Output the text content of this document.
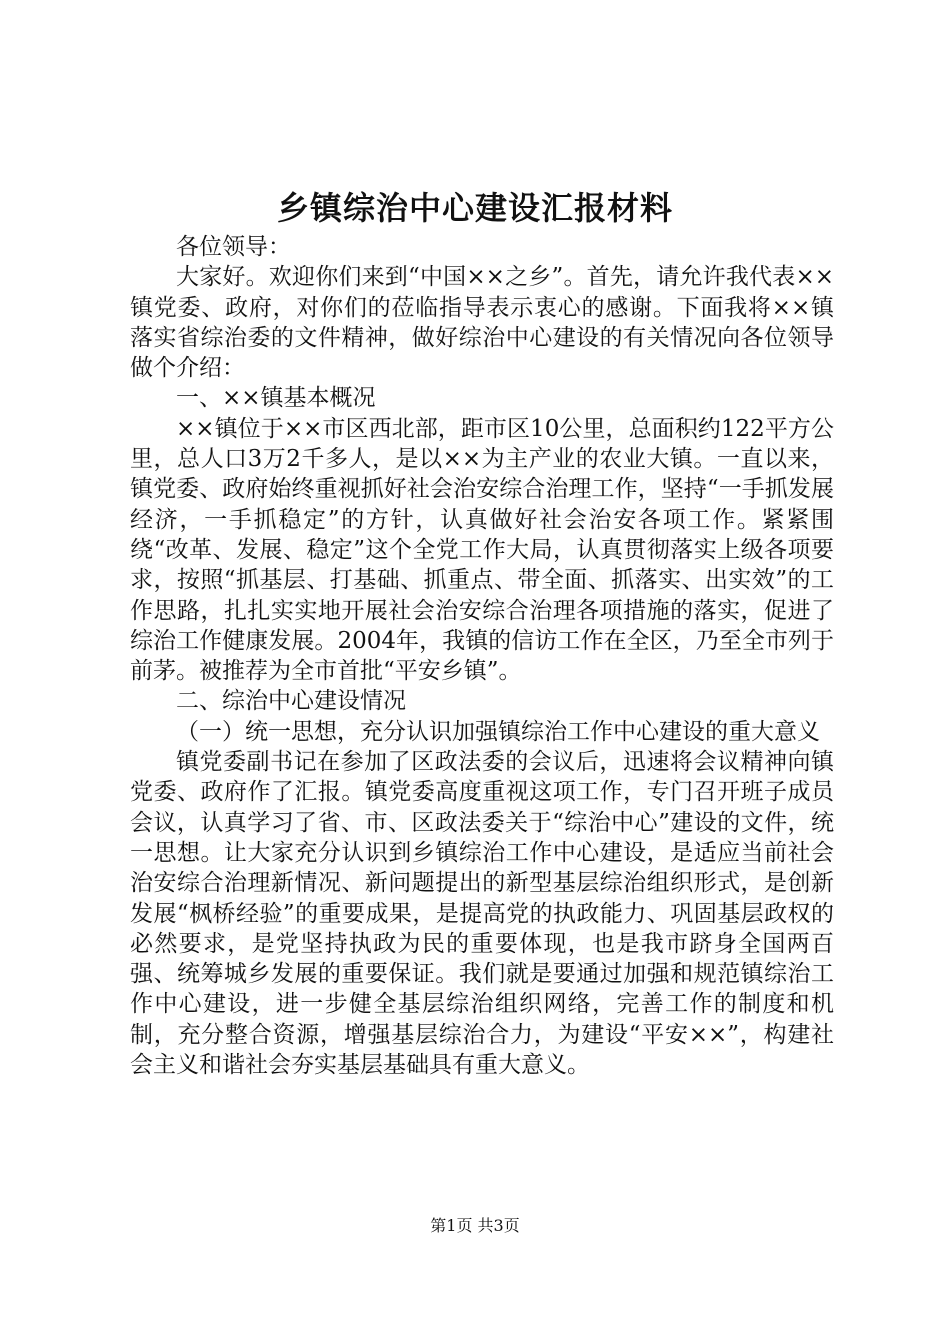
乡镇综治中心建设汇报材料

各位领导：

大家好。欢迎你们来到“中国××之乡”。首先，请允许我代表××镇党委、政府，对你们的莅临指导表示衷心的感谢。下面我将××镇落实省综治委的文件精神，做好综治中心建设的有关情况向各位领导做个介绍：

一、××镇基本概况

××镇位于××市区西北部，距市区10公里，总面积约122平方公里，总人口3万2千多人，是以××为主产业的农业大镇。一直以来，镇党委、政府始终重视抓好社会治安综合治理工作，坚持“一手抓发展经济，一手抓稳定”的方针，认真做好社会治安各项工作。紧紧围绕“改革、发展、稳定”这个全党工作大局，认真贯彻落实上级各项要求，按照“抓基层、打基础、抓重点、带全面、抓落实、出实效”的工作思路，扎扎实实地开展社会治安综合治理各项措施的落实，促进了综治工作健康发展。2004年，我镇的信访工作在全区，乃至全市列于前茅。被推荐为全市首批“平安乡镇”。

二、综治中心建设情况

（一）统一思想，充分认识加强镇综治工作中心建设的重大意义

镇党委副书记在参加了区政法委的会议后，迅速将会议精神向镇党委、政府作了汇报。镇党委高度重视这项工作，专门召开班子成员会议，认真学习了省、市、区政法委关于“综治中心”建设的文件，统一思想。让大家充分认识到乡镇综治工作中心建设，是适应当前社会治安综合治理新情况、新问题提出的新型基层综治组织形式，是创新发展“枫桥经验”的重要成果，是提高党的执政能力、巩固基层政权的必然要求，是党坚持执政为民的重要体现，也是我市跻身全国两百强、统筹城乡发展的重要保证。我们就是要通过加强和规范镇综治工作中心建设，进一步健全基层综治组织网络，完善工作的制度和机制，充分整合资源，增强基层综治合力，为建设“平安××”，构建社会主义和谐社会夯实基层基础具有重大意义。

第1页 共3页
